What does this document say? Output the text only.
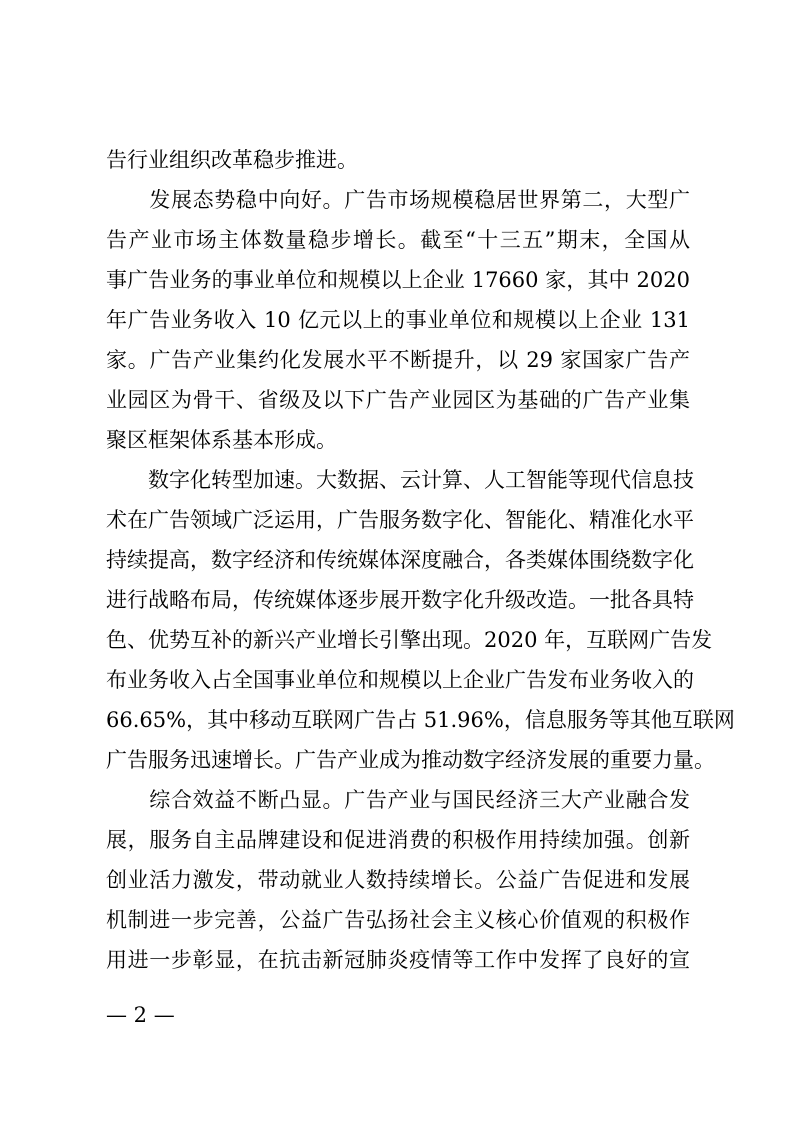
告行业组织改革稳步推进。

　　发展态势稳中向好。广告市场规模稳居世界第二，大型广

告产业市场主体数量稳步增长。截至“十三五”期末，全国从

事广告业务的事业单位和规模以上企业 17660 家，其中 2020

年广告业务收入 10 亿元以上的事业单位和规模以上企业 131

家。广告产业集约化发展水平不断提升，以 29 家国家广告产

业园区为骨干、省级及以下广告产业园区为基础的广告产业集

聚区框架体系基本形成。

　　数字化转型加速。大数据、云计算、人工智能等现代信息技

术在广告领域广泛运用，广告服务数字化、智能化、精准化水平

持续提高，数字经济和传统媒体深度融合，各类媒体围绕数字化

进行战略布局，传统媒体逐步展开数字化升级改造。一批各具特

色、优势互补的新兴产业增长引擎出现。2020 年，互联网广告发

布业务收入占全国事业单位和规模以上企业广告发布业务收入的

66.65%，其中移动互联网广告占 51.96%，信息服务等其他互联网

广告服务迅速增长。广告产业成为推动数字经济发展的重要力量。

　　综合效益不断凸显。广告产业与国民经济三大产业融合发

展，服务自主品牌建设和促进消费的积极作用持续加强。创新

创业活力激发，带动就业人数持续增长。公益广告促进和发展

机制进一步完善，公益广告弘扬社会主义核心价值观的积极作

用进一步彰显，在抗击新冠肺炎疫情等工作中发挥了良好的宣

— 2 —
